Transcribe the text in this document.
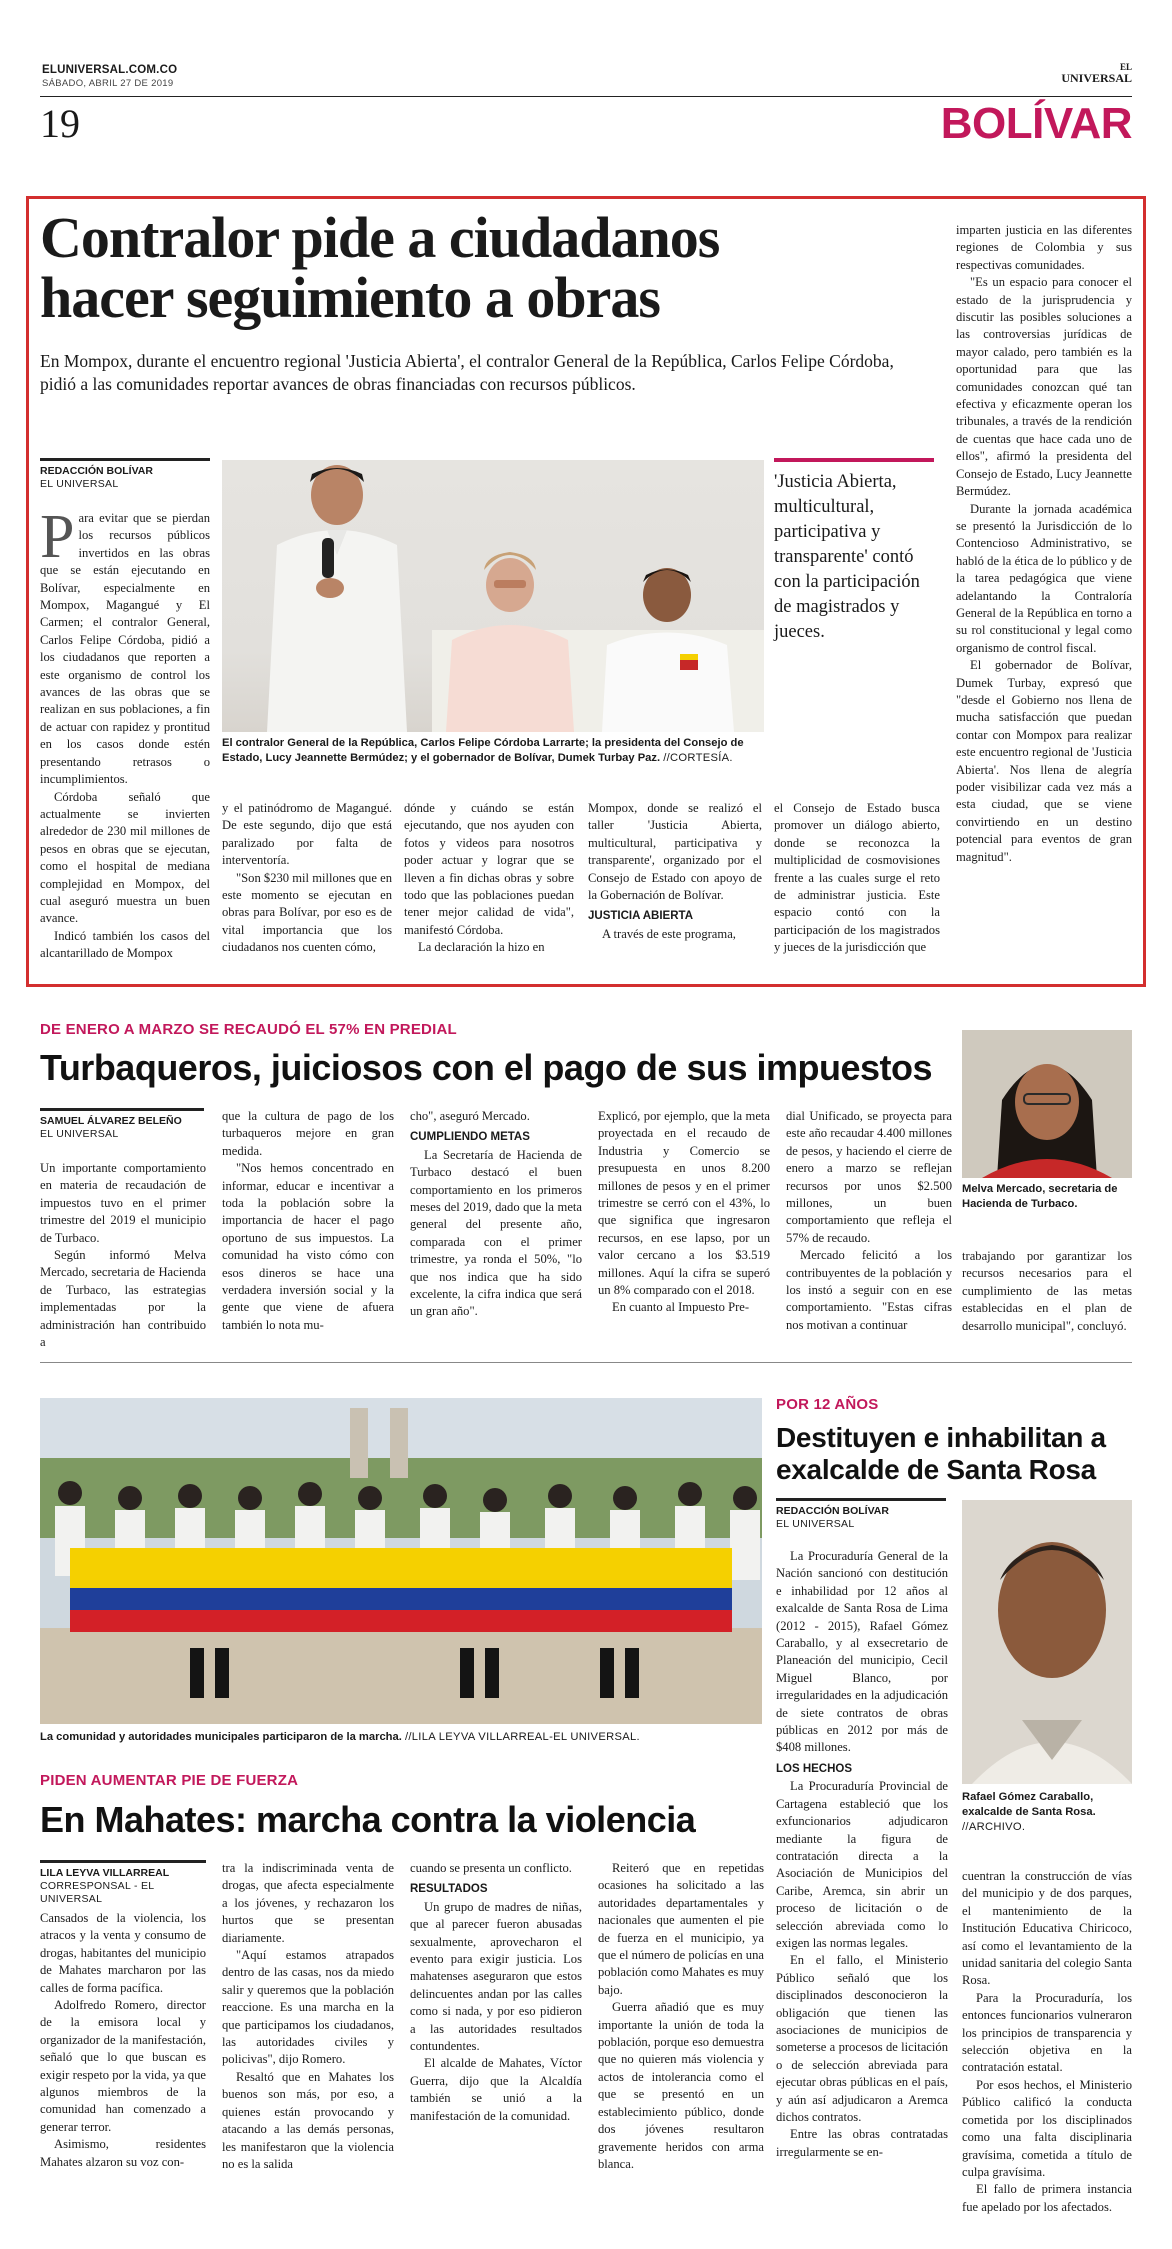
ELUNIVERSAL.COM.CO
SÁBADO, ABRIL 27 DE 2019
EL
UNIVERSAL
19	BOLÍVAR
Contralor pide a ciudadanos
hacer seguimiento a obras
En Mompox, durante el encuentro regional 'Justicia Abierta', el contralor General de la República, Carlos Felipe Córdoba, pidió a las comunidades reportar avances de obras financiadas con recursos públicos.
REDACCIÓN BOLÍVAR
EL UNIVERSAL

Para evitar que se pierdan los recursos públicos invertidos en las obras que se están ejecutando en Bolívar, especialmente en Mompox, Magangué y El Carmen; el contralor General, Carlos Felipe Córdoba, pidió a los ciudadanos que reporten a este organismo de control los avances de las obras que se realizan en sus poblaciones, a fin de actuar con rapidez y prontitud en los casos donde estén presentando retrasos o incumplimientos.

Córdoba señaló que actualmente se invierten alrededor de 230 mil millones de pesos en obras que se ejecutan, como el hospital de mediana complejidad en Mompox, del cual aseguró muestra un buen avance.

Indicó también los casos del alcantarillado de Mompox

El contralor General de la República, Carlos Felipe Córdoba Larrarte; la presidenta del Consejo de Estado, Lucy Jeannette Bermúdez; y el gobernador de Bolívar, Dumek Turbay Paz. //CORTESÍA.
'Justicia Abierta, multicultural, participativa y transparente' contó con la participación de magistrados y jueces.

y el patinódromo de Magangué. De este segundo, dijo que está paralizado por falta de interventoría.

"Son $230 mil millones que en este momento se ejecutan en obras para Bolívar, por eso es de vital importancia que los ciudadanos nos cuenten cómo,

dónde y cuándo se están ejecutando, que nos ayuden con fotos y videos para nosotros poder actuar y lograr que se lleven a fin dichas obras y sobre todo que las poblaciones puedan tener mejor calidad de vida", manifestó Córdoba.

La declaración la hizo en

Mompox, donde se realizó el taller 'Justicia Abierta, multicultural, participativa y transparente', organizado por el Consejo de Estado con apoyo de la Gobernación de Bolívar.

JUSTICIA ABIERTA

A través de este programa,

el Consejo de Estado busca promover un diálogo abierto, donde se reconozca la multiplicidad de cosmovisiones frente a las cuales surge el reto de administrar justicia. Este espacio contó con la participación de los magistrados y jueces de la jurisdicción que

imparten justicia en las diferentes regiones de Colombia y sus respectivas comunidades.

"Es un espacio para conocer el estado de la jurisprudencia y discutir las posibles soluciones a las controversias jurídicas de mayor calado, pero también es la oportunidad para que las comunidades conozcan qué tan efectiva y eficazmente operan los tribunales, a través de la rendición de cuentas que hace cada uno de ellos", afirmó la presidenta del Consejo de Estado, Lucy Jeannette Bermúdez.

Durante la jornada académica se presentó la Jurisdicción de lo Contencioso Administrativo, se habló de la ética de lo público y de la tarea pedagógica que viene adelantando la Contraloría General de la República en torno a su rol constitucional y legal como organismo de control fiscal.

El gobernador de Bolívar, Dumek Turbay, expresó que "desde el Gobierno nos llena de mucha satisfacción que puedan contar con Mompox para realizar este encuentro regional de 'Justicia Abierta'. Nos llena de alegría poder visibilizar cada vez más a esta ciudad, que se viene convirtiendo en un destino potencial para eventos de gran magnitud".

DE ENERO A MARZO SE RECAUDÓ EL 57% EN PREDIAL
Turbaqueros, juiciosos con el pago de sus impuestos
SAMUEL ÁLVAREZ BELEÑO
EL UNIVERSAL

Un importante comportamiento en materia de recaudación de impuestos tuvo en el primer trimestre del 2019 el municipio de Turbaco.

Según informó Melva Mercado, secretaria de Hacienda de Turbaco, las estrategias implementadas por la administración han contribuido a

que la cultura de pago de los turbaqueros mejore en gran medida.

"Nos hemos concentrado en informar, educar e incentivar a toda la población sobre la importancia de hacer el pago oportuno de sus impuestos. La comunidad ha visto cómo con esos dineros se hace una verdadera inversión social y la gente que viene de afuera también lo nota mu-

cho", aseguró Mercado.

CUMPLIENDO METAS

La Secretaría de Hacienda de Turbaco destacó el buen comportamiento en los primeros meses del 2019, dado que la meta general del presente año, comparada con el primer trimestre, ya ronda el 50%, "lo que nos indica que ha sido excelente, la cifra indica que será un gran año".

Explicó, por ejemplo, que la meta proyectada en el recaudo de Industria y Comercio se presupuesta en unos 8.200 millones de pesos y en el primer trimestre se cerró con el 43%, lo que significa que ingresaron recursos, en ese lapso, por un valor cercano a los $3.519 millones. Aquí la cifra se superó un 8% comparado con el 2018.

En cuanto al Impuesto Pre-

dial Unificado, se proyecta para este año recaudar 4.400 millones de pesos, y haciendo el cierre de enero a marzo se reflejan recursos por unos $2.500 millones, un buen comportamiento que refleja el 57% de recaudo.

Mercado felicitó a los contribuyentes de la población y los instó a seguir con en ese comportamiento. "Estas cifras nos motivan a continuar

Melva Mercado, secretaria de Hacienda de Turbaco.

trabajando por garantizar los recursos necesarios para el cumplimiento de las metas establecidas en el plan de desarrollo municipal", concluyó.

La comunidad y autoridades municipales participaron de la marcha. //LILA LEYVA VILLARREAL-EL UNIVERSAL.
PIDEN AUMENTAR PIE DE FUERZA
En Mahates: marcha contra la violencia
LILA LEYVA VILLARREAL
CORRESPONSAL - EL UNIVERSAL

Cansados de la violencia, los atracos y la venta y consumo de drogas, habitantes del municipio de Mahates marcharon por las calles de forma pacífica.

Adolfredo Romero, director de la emisora local y organizador de la manifestación, señaló que lo que buscan es exigir respeto por la vida, ya que algunos miembros de la comunidad han comenzado a generar terror.

Asimismo, residentes Mahates alzaron su voz con-

tra la indiscriminada venta de drogas, que afecta especialmente a los jóvenes, y rechazaron los hurtos que se presentan diariamente.

"Aquí estamos atrapados dentro de las casas, nos da miedo salir y queremos que la población reaccione. Es una marcha en la que participamos los ciudadanos, las autoridades civiles y policivas", dijo Romero.

Resaltó que en Mahates los buenos son más, por eso, a quienes están provocando y atacando a las demás personas, les manifestaron que la violencia no es la salida

cuando se presenta un conflicto.

RESULTADOS

Un grupo de madres de niñas, que al parecer fueron abusadas sexualmente, aprovecharon el evento para exigir justicia. Los mahatenses aseguraron que estos delincuentes andan por las calles como si nada, y por eso pidieron a las autoridades resultados contundentes.

El alcalde de Mahates, Víctor Guerra, dijo que la Alcaldía también se unió a la manifestación de la comunidad.

Reiteró que en repetidas ocasiones ha solicitado a las autoridades departamentales y nacionales que aumenten el pie de fuerza en el municipio, ya que el número de policías en una población como Mahates es muy bajo.

Guerra añadió que es muy importante la unión de toda la población, porque eso demuestra que no quieren más violencia y actos de intolerancia como el que se presentó en un establecimiento público, donde dos jóvenes resultaron gravemente heridos con arma blanca.

POR 12 AÑOS
Destituyen e inhabilitan a
exalcalde de Santa Rosa
REDACCIÓN BOLÍVAR
EL UNIVERSAL

La Procuraduría General de la Nación sancionó con destitución e inhabilidad por 12 años al exalcalde de Santa Rosa de Lima (2012 - 2015), Rafael Gómez Caraballo, y al exsecretario de Planeación del municipio, Cecil Miguel Blanco, por irregularidades en la adjudicación de siete contratos de obras públicas en 2012 por más de $408 millones.

LOS HECHOS

La Procuraduría Provincial de Cartagena estableció que los exfuncionarios adjudicaron mediante la figura de contratación directa a la Asociación de Municipios del Caribe, Aremca, sin abrir un proceso de licitación o de selección abreviada como lo exigen las normas legales.

En el fallo, el Ministerio Público señaló que los disciplinados desconocieron la obligación que tienen las asociaciones de municipios de someterse a procesos de licitación o de selección abreviada para ejecutar obras públicas en el país, y aún así adjudicaron a Aremca dichos contratos.

Entre las obras contratadas irregularmente se en-

Rafael Gómez Caraballo, exalcalde de Santa Rosa. //ARCHIVO.

cuentran la construcción de vías del municipio y de dos parques, el mantenimiento de la Institución Educativa Chiricoco, así como el levantamiento de la unidad sanitaria del colegio Santa Rosa.

Para la Procuraduría, los entonces funcionarios vulneraron los principios de transparencia y selección objetiva en la contratación estatal.

Por esos hechos, el Ministerio Público calificó la conducta cometida por los disciplinados como una falta disciplinaria gravísima, cometida a título de culpa gravísima.

El fallo de primera instancia fue apelado por los afectados.
